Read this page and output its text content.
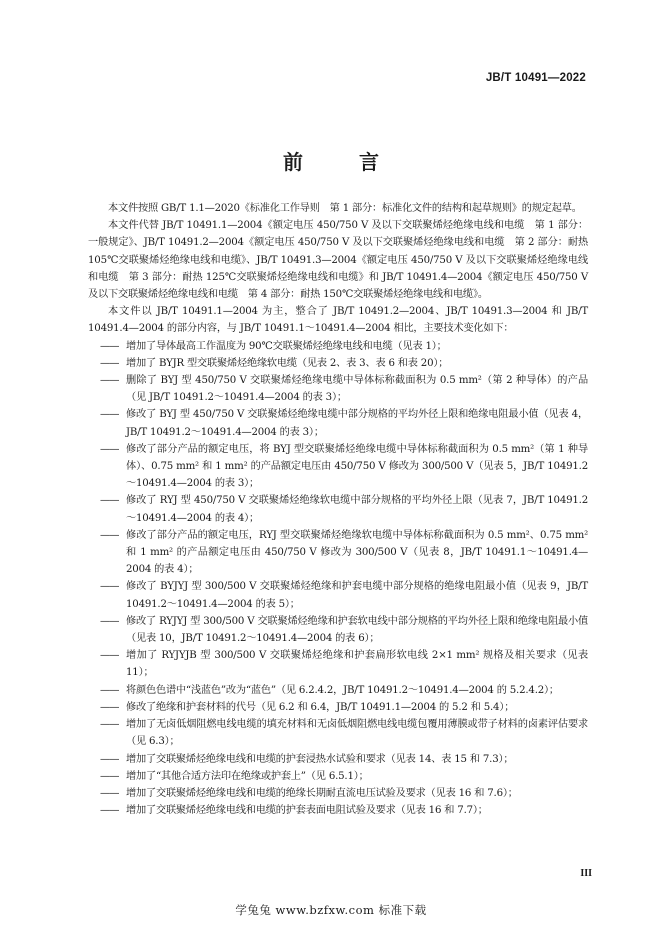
JB/T 10491—2022
前　言

本文件按照 GB/T 1.1—2020《标准化工作导则　第 1 部分：标准化文件的结构和起草规则》的规定起草。

本文件代替 JB/T 10491.1—2004《额定电压 450/750 V 及以下交联聚烯烃绝缘电线和电缆　第 1 部分：一般规定》、JB/T 10491.2—2004《额定电压 450/750 V 及以下交联聚烯烃绝缘电线和电缆　第 2 部分：耐热 105℃交联聚烯烃绝缘电线和电缆》、JB/T 10491.3—2004《额定电压 450/750 V 及以下交联聚烯烃绝缘电线和电缆　第 3 部分：耐热 125℃交联聚烯烃绝缘电线和电缆》和 JB/T 10491.4—2004《额定电压 450/750 V 及以下交联聚烯烃绝缘电线和电缆　第 4 部分：耐热 150℃交联聚烯烃绝缘电线和电缆》。

本文件以 JB/T 10491.1—2004 为主，整合了 JB/T 10491.2—2004、JB/T 10491.3—2004 和 JB/T 10491.4—2004 的部分内容，与 JB/T 10491.1～10491.4—2004 相比，主要技术变化如下：

—— 增加了导体最高工作温度为 90℃交联聚烯烃绝缘电线和电缆（见表 1）；

—— 增加了 BYJR 型交联聚烯烃绝缘软电缆（见表 2、表 3、表 6 和表 20）；

—— 删除了 BYJ 型 450/750 V 交联聚烯烃绝缘电缆中导体标称截面积为 0.5 mm²（第 2 种导体）的产品（见 JB/T 10491.2～10491.4—2004 的表 3）；

—— 修改了 BYJ 型 450/750 V 交联聚烯烃绝缘电缆中部分规格的平均外径上限和绝缘电阻最小值（见表 4，JB/T 10491.2～10491.4—2004 的表 3）；

—— 修改了部分产品的额定电压，将 BYJ 型交联聚烯烃绝缘电缆中导体标称截面积为 0.5 mm²（第 1 种导体）、0.75 mm² 和 1 mm² 的产品额定电压由 450/750 V 修改为 300/500 V（见表 5，JB/T 10491.2～10491.4—2004 的表 3）；

—— 修改了 RYJ 型 450/750 V 交联聚烯烃绝缘软电缆中部分规格的平均外径上限（见表 7，JB/T 10491.2～10491.4—2004 的表 4）；

—— 修改了部分产品的额定电压，RYJ 型交联聚烯烃绝缘软电缆中导体标称截面积为 0.5 mm²、0.75 mm² 和 1 mm² 的产品额定电压由 450/750 V 修改为 300/500 V（见表 8，JB/T 10491.1～10491.4—2004 的表 4）；

—— 修改了 BYJYJ 型 300/500 V 交联聚烯烃绝缘和护套电缆中部分规格的绝缘电阻最小值（见表 9，JB/T 10491.2～10491.4—2004 的表 5）；

—— 修改了 RYJYJ 型 300/500 V 交联聚烯烃绝缘和护套软电线中部分规格的平均外径上限和绝缘电阻最小值（见表 10，JB/T 10491.2～10491.4—2004 的表 6）；

—— 增加了 RYJYJB 型 300/500 V 交联聚烯烃绝缘和护套扁形软电线 2×1 mm² 规格及相关要求（见表 11）；

—— 将颜色色谱中“浅蓝色”改为“蓝色”（见 6.2.4.2，JB/T 10491.2～10491.4—2004 的 5.2.4.2）；

—— 修改了绝缘和护套材料的代号（见 6.2 和 6.4，JB/T 10491.1—2004 的 5.2 和 5.4）；

—— 增加了无卤低烟阻燃电线电缆的填充材料和无卤低烟阻燃电线电缆包覆用薄膜或带子材料的卤素评估要求（见 6.3）；

—— 增加了交联聚烯烃绝缘电线和电缆的护套浸热水试验和要求（见表 14、表 15 和 7.3）；

—— 增加了“其他合适方法印在绝缘或护套上”（见 6.5.1）；

—— 增加了交联聚烯烃绝缘电线和电缆的绝缘长期耐直流电压试验及要求（见表 16 和 7.6）；

—— 增加了交联聚烯烃绝缘电线和电缆的护套表面电阻试验及要求（见表 16 和 7.7）；

III
学兔兔 www.bzfxw.com 标准下载
